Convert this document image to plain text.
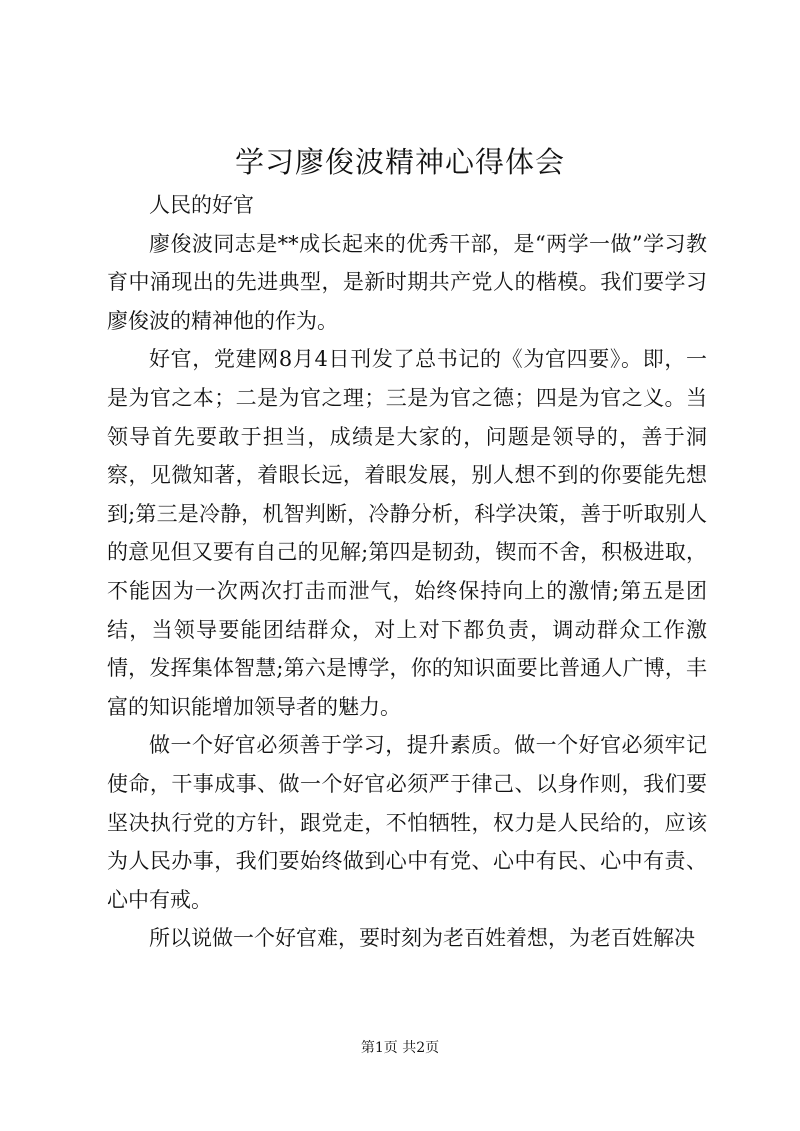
学习廖俊波精神心得体会

人民的好官

廖俊波同志是**成长起来的优秀干部，是“两学一做”学习教育中涌现出的先进典型，是新时期共产党人的楷模。我们要学习廖俊波的精神他的作为。

好官，党建网8月4日刊发了总书记的《为官四要》。即，一是为官之本；二是为官之理；三是为官之德；四是为官之义。当领导首先要敢于担当，成绩是大家的，问题是领导的，善于洞察，见微知著，着眼长远，着眼发展，别人想不到的你要能先想到;第三是冷静，机智判断，冷静分析，科学决策，善于听取别人的意见但又要有自己的见解;第四是韧劲，锲而不舍，积极进取，不能因为一次两次打击而泄气，始终保持向上的激情;第五是团结，当领导要能团结群众，对上对下都负责，调动群众工作激情，发挥集体智慧;第六是博学，你的知识面要比普通人广博，丰富的知识能增加领导者的魅力。

做一个好官必须善于学习，提升素质。做一个好官必须牢记使命，干事成事、做一个好官必须严于律己、以身作则，我们要坚决执行党的方针，跟党走，不怕牺牲，权力是人民给的，应该为人民办事，我们要始终做到心中有党、心中有民、心中有责、心中有戒。

所以说做一个好官难，要时刻为老百姓着想，为老百姓解决

第1页 共2页
